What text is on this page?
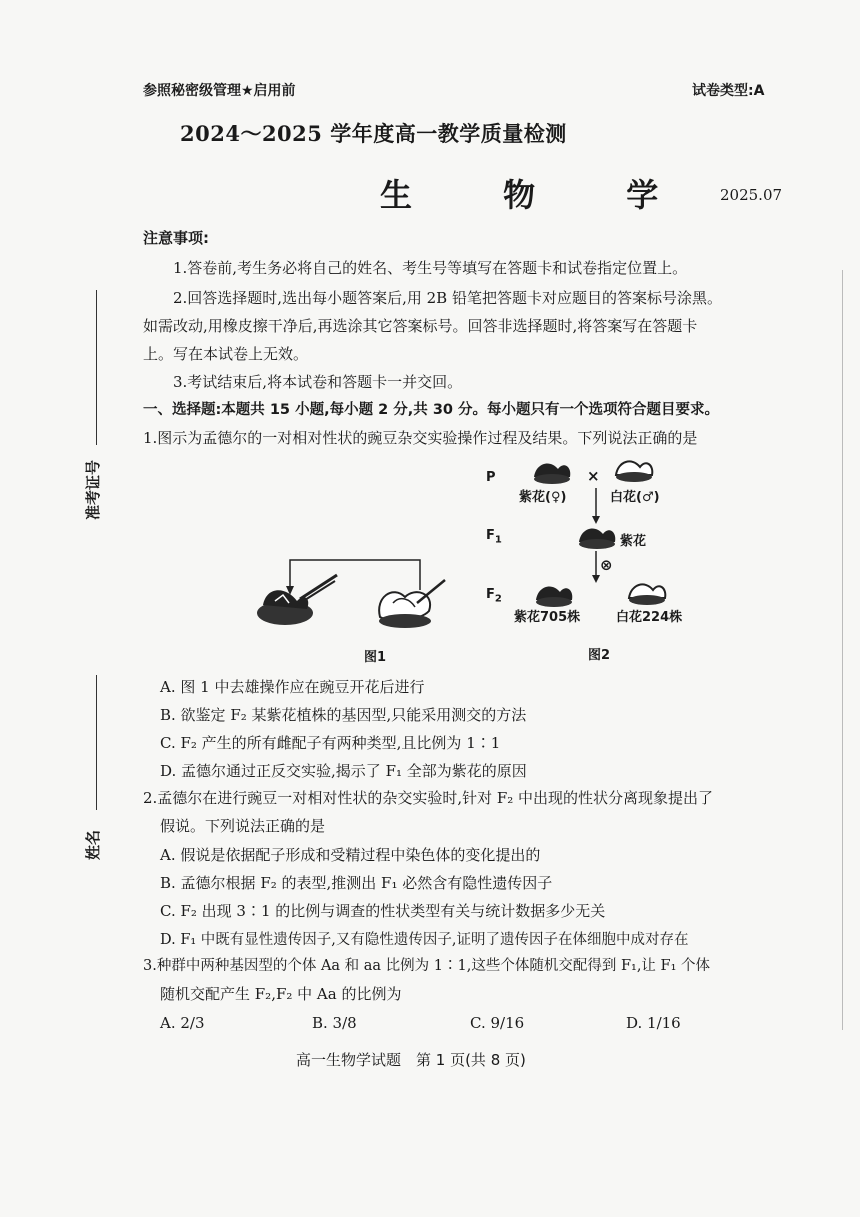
参照秘密级管理★启用前	试卷类型:A
2024～2025 学年度高一教学质量检测
生 物 学 2025.07
准考证号
姓名
注意事项:
1.答卷前,考生务必将自己的姓名、考生号等填写在答题卡和试卷指定位置上。
2.回答选择题时,选出每小题答案后,用 2B 铅笔把答题卡对应题目的答案标号涂黑。
如需改动,用橡皮擦干净后,再选涂其它答案标号。回答非选择题时,将答案写在答题卡
上。写在本试卷上无效。
3.考试结束后,将本试卷和答题卡一并交回。
一、选择题:本题共 15 小题,每小题 2 分,共 30 分。每小题只有一个选项符合题目要求。
1.图示为孟德尔的一对相对性状的豌豆杂交实验操作过程及结果。下列说法正确的是
图1
P	×
紫花(♀)	白花(♂)
$F_1$	紫花
⊗
$F_2$
紫花705株	白花224株
图2
A. 图 1 中去雄操作应在豌豆开花后进行
B. 欲鉴定 F₂ 某紫花植株的基因型,只能采用测交的方法
C. F₂ 产生的所有雌配子有两种类型,且比例为 1∶1
D. 孟德尔通过正反交实验,揭示了 F₁ 全部为紫花的原因
2.孟德尔在进行豌豆一对相对性状的杂交实验时,针对 F₂ 中出现的性状分离现象提出了
假说。下列说法正确的是
A. 假说是依据配子形成和受精过程中染色体的变化提出的
B. 孟德尔根据 F₂ 的表型,推测出 F₁ 必然含有隐性遗传因子
C. F₂ 出现 3∶1 的比例与调查的性状类型有关与统计数据多少无关
D. F₁ 中既有显性遗传因子,又有隐性遗传因子,证明了遗传因子在体细胞中成对存在
3.种群中两种基因型的个体 Aa 和 aa 比例为 1∶1,这些个体随机交配得到 F₁,让 F₁ 个体
随机交配产生 F₂,F₂ 中 Aa 的比例为
A. 2/3	B. 3/8	C. 9/16	D. 1/16
高一生物学试题　第 1 页(共 8 页)
